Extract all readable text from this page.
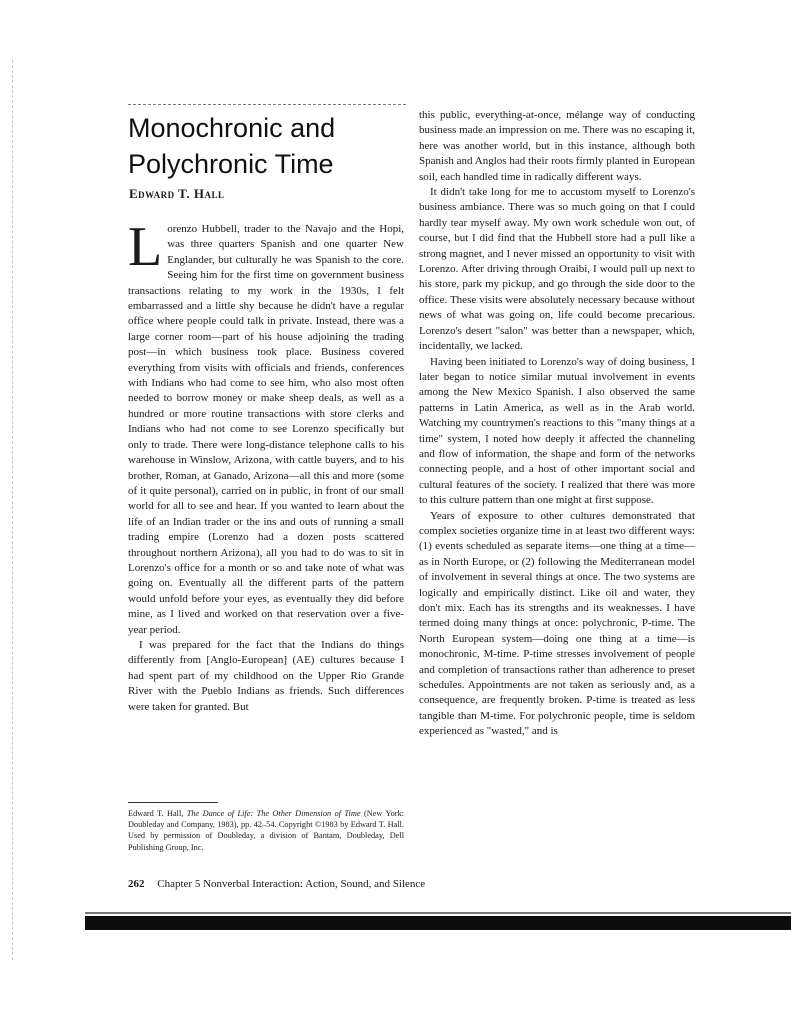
Monochronic and
Polychronic Time

Edward T. Hall

Lorenzo Hubbell, trader to the Navajo and the Hopi, was three quarters Spanish and one quarter New Englander, but culturally he was Spanish to the core. Seeing him for the first time on government business transactions relating to my work in the 1930s, I felt embarrassed and a little shy because he didn't have a regular office where people could talk in private. Instead, there was a large corner room—part of his house adjoining the trading post—in which business took place. Business covered everything from visits with officials and friends, conferences with Indians who had come to see him, who also most often needed to borrow money or make sheep deals, as well as a hundred or more routine transactions with store clerks and Indians who had not come to see Lorenzo specifically but only to trade. There were long-distance telephone calls to his warehouse in Winslow, Arizona, with cattle buyers, and to his brother, Roman, at Ganado, Arizona—all this and more (some of it quite personal), carried on in public, in front of our small world for all to see and hear. If you wanted to learn about the life of an Indian trader or the ins and outs of running a small trading empire (Lorenzo had a dozen posts scattered throughout northern Arizona), all you had to do was to sit in Lorenzo's office for a month or so and take note of what was going on. Eventually all the different parts of the pattern would unfold before your eyes, as eventually they did before mine, as I lived and worked on that reservation over a five-year period.

I was prepared for the fact that the Indians do things differently from [Anglo-European] (AE) cultures because I had spent part of my childhood on the Upper Rio Grande River with the Pueblo Indians as friends. Such differences were taken for granted. But

this public, everything-at-once, mélange way of conducting business made an impression on me. There was no escaping it, here was another world, but in this instance, although both Spanish and Anglos had their roots firmly planted in European soil, each handled time in radically different ways.

It didn't take long for me to accustom myself to Lorenzo's business ambiance. There was so much going on that I could hardly tear myself away. My own work schedule won out, of course, but I did find that the Hubbell store had a pull like a strong magnet, and I never missed an opportunity to visit with Lorenzo. After driving through Oraibi, I would pull up next to his store, park my pickup, and go through the side door to the office. These visits were absolutely necessary because without news of what was going on, life could become precarious. Lorenzo's desert "salon" was better than a newspaper, which, incidentally, we lacked.

Having been initiated to Lorenzo's way of doing business, I later began to notice similar mutual involvement in events among the New Mexico Spanish. I also observed the same patterns in Latin America, as well as in the Arab world. Watching my countrymen's reactions to this "many things at a time" system, I noted how deeply it affected the channeling and flow of information, the shape and form of the networks connecting people, and a host of other important social and cultural features of the society. I realized that there was more to this culture pattern than one might at first suppose.

Years of exposure to other cultures demonstrated that complex societies organize time in at least two different ways: (1) events scheduled as separate items—one thing at a time—as in North Europe, or (2) following the Mediterranean model of involvement in several things at once. The two systems are logically and empirically distinct. Like oil and water, they don't mix. Each has its strengths and its weaknesses. I have termed doing many things at once: polychronic, P-time. The North European system—doing one thing at a time—is monochronic, M-time. P-time stresses involvement of people and completion of transactions rather than adherence to preset schedules. Appointments are not taken as seriously and, as a consequence, are frequently broken. P-time is treated as less tangible than M-time. For polychronic people, time is seldom experienced as "wasted," and is

Edward T. Hall, The Dance of Life: The Other Dimension of Time (New York: Doubleday and Company, 1983), pp. 42–54. Copyright ©1983 by Edward T. Hall. Used by permission of Doubleday, a division of Bantam, Doubleday, Dell Publishing Group, Inc.
262 Chapter 5 Nonverbal Interaction: Action, Sound, and Silence
